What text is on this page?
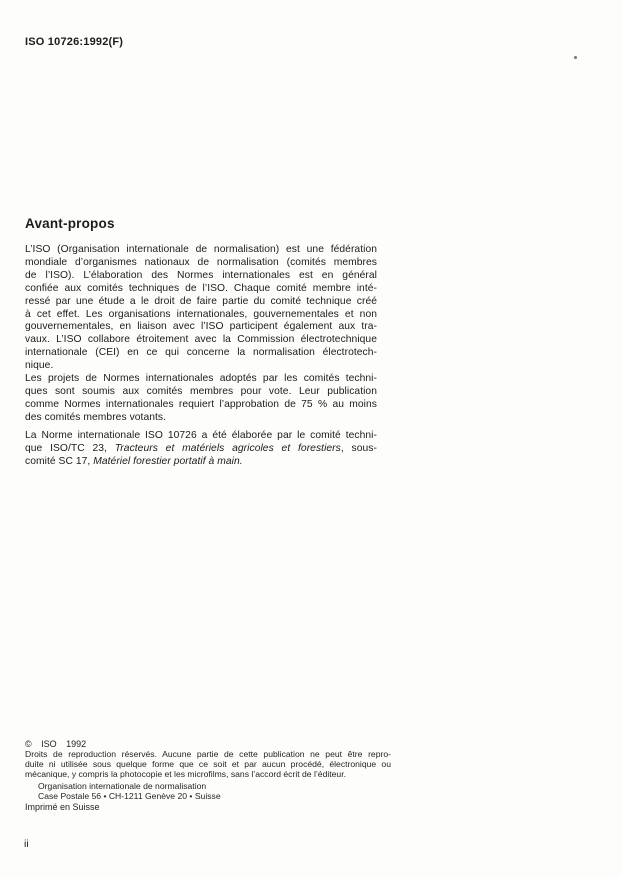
ISO 10726:1992(F)
Avant-propos
L’ISO (Organisation internationale de normalisation) est une fédération
mondiale d’organismes nationaux de normalisation (comités membres
de l’ISO). L’élaboration des Normes internationales est en général
confiée aux comités techniques de l’ISO. Chaque comité membre inté-
ressé par une étude a le droit de faire partie du comité technique créé
à cet effet. Les organisations internationales, gouvernementales et non
gouvernementales, en liaison avec l’ISO participent également aux tra-
vaux. L’ISO collabore étroitement avec la Commission électrotechnique
internationale (CEI) en ce qui concerne la normalisation électrotech-
nique.
Les projets de Normes internationales adoptés par les comités techni-
ques sont soumis aux comités membres pour vote. Leur publication
comme Normes internationales requiert l’approbation de 75 % au moins
des comités membres votants.
La Norme internationale ISO 10726 a été élaborée par le comité techni-
que ISO/TC 23, Tracteurs et matériels agricoles et forestiers, sous-
comité SC 17, Matériel forestier portatif à main.
© ISO 1992
Droits de reproduction réservés. Aucune partie de cette publication ne peut être repro-
duite ni utilisée sous quelque forme que ce soit et par aucun procédé, électronique ou
mécanique, y compris la photocopie et les microfilms, sans l’accord écrit de l’éditeur.
Organisation internationale de normalisation
Case Postale 56 • CH-1211 Genève 20 • Suisse
Imprimé en Suisse
ii
